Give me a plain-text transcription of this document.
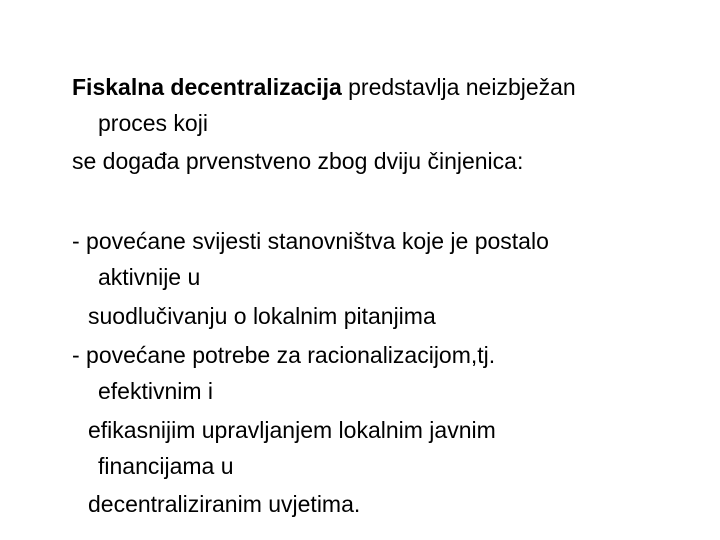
Fiskalna decentralizacija predstavlja neizbježan
proces koji
se događa prvenstveno zbog dviju činjenica:
- povećane svijesti stanovništva koje je postalo
aktivnije u
suodlučivanju o lokalnim pitanjima
- povećane potrebe za racionalizacijom,tj.
efektivnim i
efikasnijim upravljanjem lokalnim javnim
financijama u
decentraliziranim uvjetima.
